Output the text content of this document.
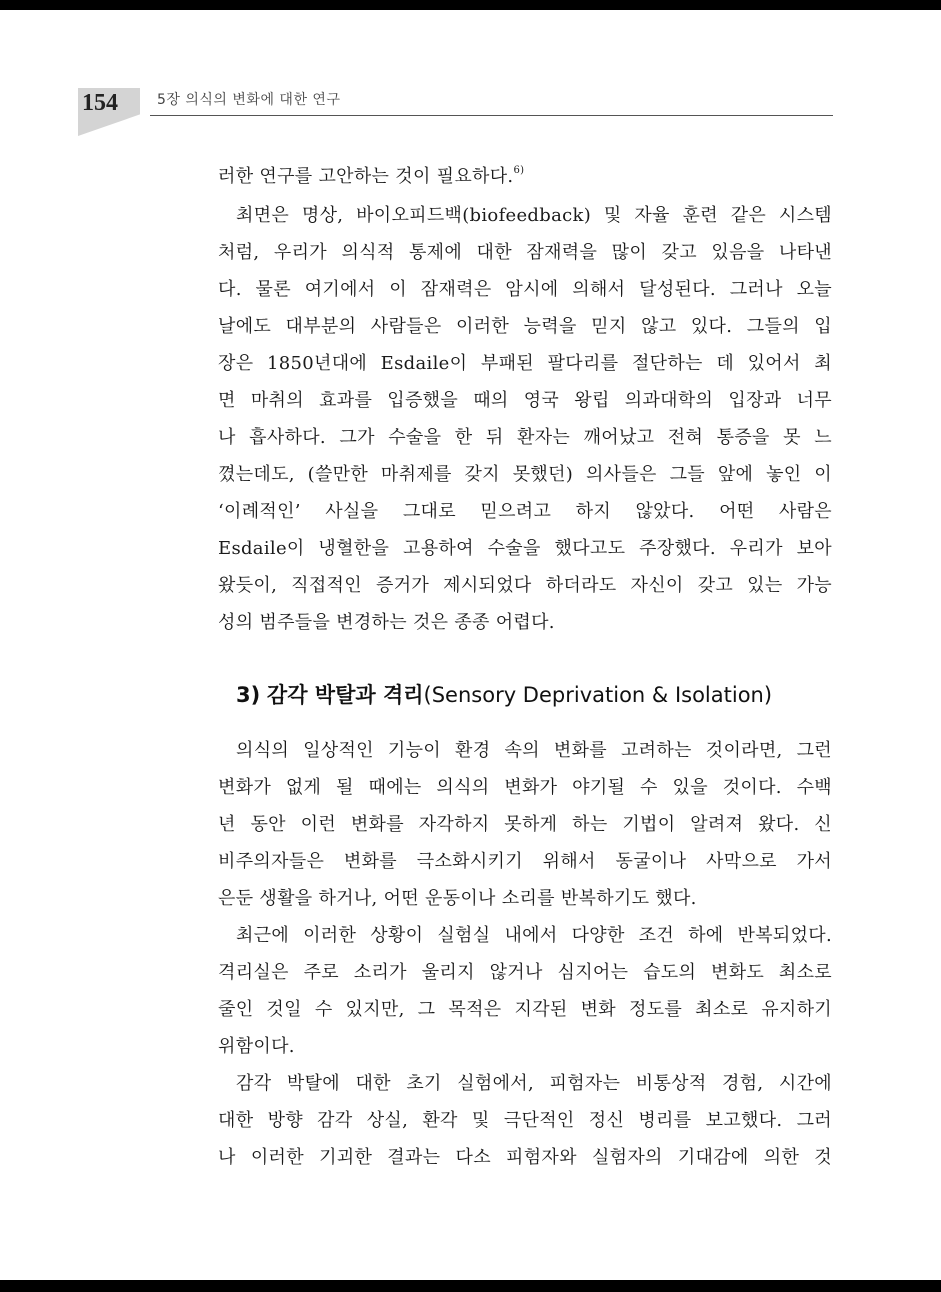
154	5장 의식의 변화에 대한 연구
러한 연구를 고안하는 것이 필요하다.$^{6)}$
최면은 명상, 바이오피드백(biofeedback) 및 자율 훈련 같은 시스템
처럼, 우리가 의식적 통제에 대한 잠재력을 많이 갖고 있음을 나타낸
다. 물론 여기에서 이 잠재력은 암시에 의해서 달성된다. 그러나 오늘
날에도 대부분의 사람들은 이러한 능력을 믿지 않고 있다. 그들의 입
장은 1850년대에 Esdaile이 부패된 팔다리를 절단하는 데 있어서 최
면 마취의 효과를 입증했을 때의 영국 왕립 의과대학의 입장과 너무
나 흡사하다. 그가 수술을 한 뒤 환자는 깨어났고 전혀 통증을 못 느
꼈는데도, (쓸만한 마취제를 갖지 못했던) 의사들은 그들 앞에 놓인 이
‘이례적인’ 사실을 그대로 믿으려고 하지 않았다. 어떤 사람은
Esdaile이 냉혈한을 고용하여 수술을 했다고도 주장했다. 우리가 보아
왔듯이, 직접적인 증거가 제시되었다 하더라도 자신이 갖고 있는 가능
성의 범주들을 변경하는 것은 종종 어렵다.
3) 감각 박탈과 격리(Sensory Deprivation & Isolation)
의식의 일상적인 기능이 환경 속의 변화를 고려하는 것이라면, 그런
변화가 없게 될 때에는 의식의 변화가 야기될 수 있을 것이다. 수백
년 동안 이런 변화를 자각하지 못하게 하는 기법이 알려져 왔다. 신
비주의자들은 변화를 극소화시키기 위해서 동굴이나 사막으로 가서
은둔 생활을 하거나, 어떤 운동이나 소리를 반복하기도 했다.
최근에 이러한 상황이 실험실 내에서 다양한 조건 하에 반복되었다.
격리실은 주로 소리가 울리지 않거나 심지어는 습도의 변화도 최소로
줄인 것일 수 있지만, 그 목적은 지각된 변화 정도를 최소로 유지하기
위함이다.
감각 박탈에 대한 초기 실험에서, 피험자는 비통상적 경험, 시간에
대한 방향 감각 상실, 환각 및 극단적인 정신 병리를 보고했다. 그러
나 이러한 기괴한 결과는 다소 피험자와 실험자의 기대감에 의한 것
